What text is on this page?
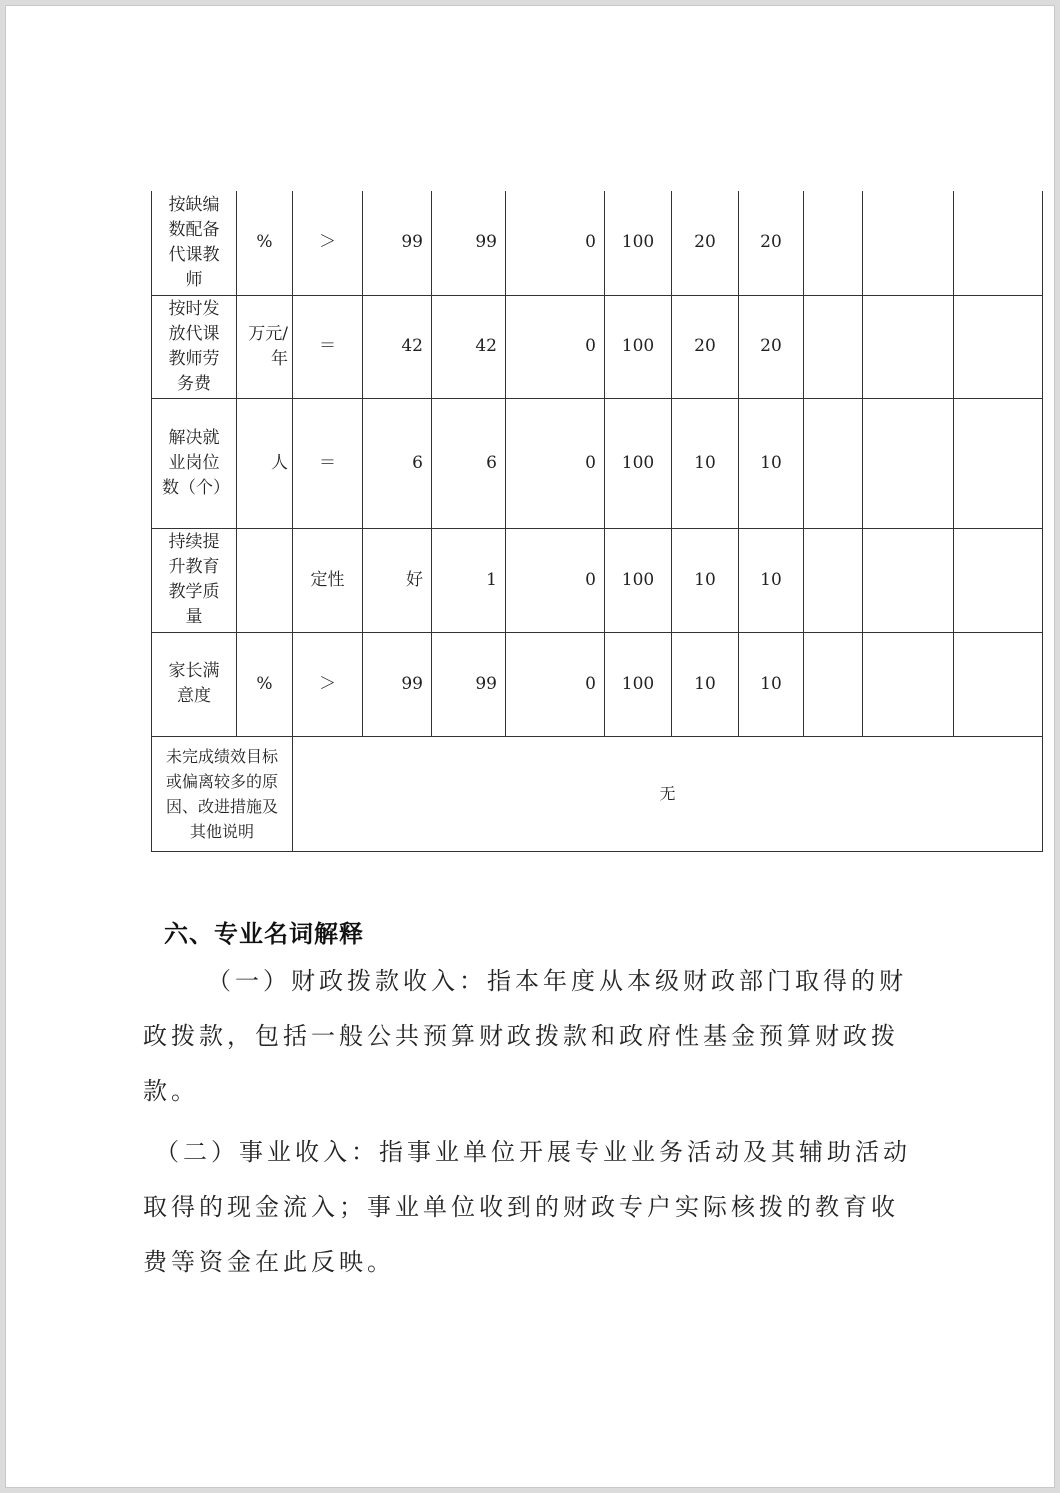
按缺编数配备代课教师	%	＞	99	99	0	100	20	20			
按时发放代课教师劳务费	万元/年	＝	42	42	0	100	20	20			
解决就业岗位数（个）	人	＝	6	6	0	100	10	10			
持续提升教育教学质量		定性	好	1	0	100	10	10			
家长满意度	%	＞	99	99	0	100	10	10			
未完成绩效目标或偏离较多的原因、改进措施及其他说明		无									
六、专业名词解释

（一）财政拨款收入：指本年度从本级财政部门取得的财政拨款，包括一般公共预算财政拨款和政府性基金预算财政拨款。

（二）事业收入：指事业单位开展专业业务活动及其辅助活动取得的现金流入；事业单位收到的财政专户实际核拨的教育收费等资金在此反映。
